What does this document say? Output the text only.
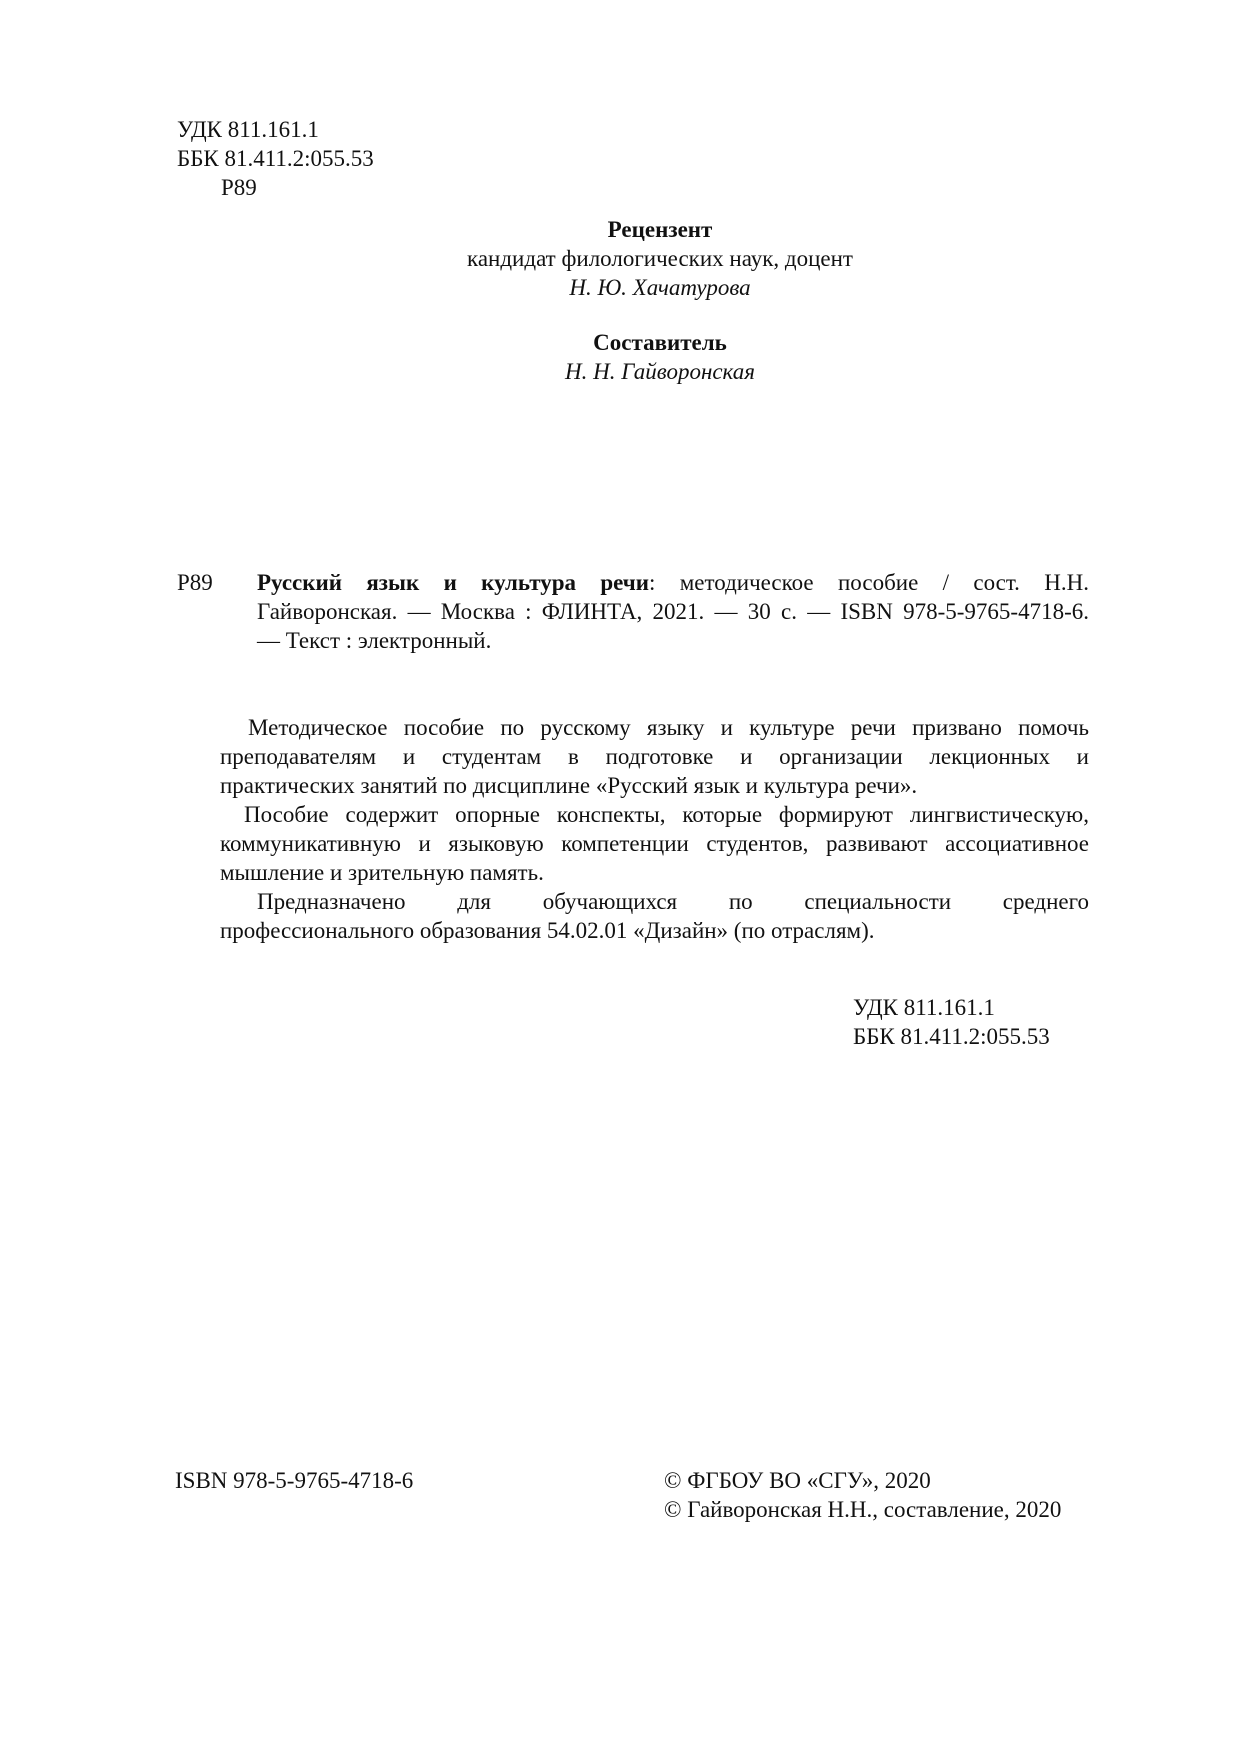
УДК 811.161.1
ББК 81.411.2:055.53
Р89
Рецензент
кандидат филологических наук, доцент
Н. Ю. Хачатурова
Составитель
Н. Н. Гайворонская
Р89 Русский язык и культура речи: методическое пособие / сост. Н.Н.
Гайворонская. — Москва : ФЛИНТА, 2021. — 30 с. — ISBN 978-5-9765-4718-6.
— Текст : электронный.
Методическое пособие по русскому языку и культуре речи призвано помочь
преподавателям и студентам в подготовке и организации лекционных и
практических занятий по дисциплине «Русский язык и культура речи».
Пособие содержит опорные конспекты, которые формируют лингвистическую,
коммуникативную и языковую компетенции студентов, развивают ассоциативное
мышление и зрительную память.
Предназначено для обучающихся по специальности среднего
профессионального образования 54.02.01 «Дизайн» (по отраслям).
УДК 811.161.1
ББК 81.411.2:055.53
ISBN 978-5-9765-4718-6	© ФГБОУ ВО «СГУ», 2020
© Гайворонская Н.Н., составление, 2020
